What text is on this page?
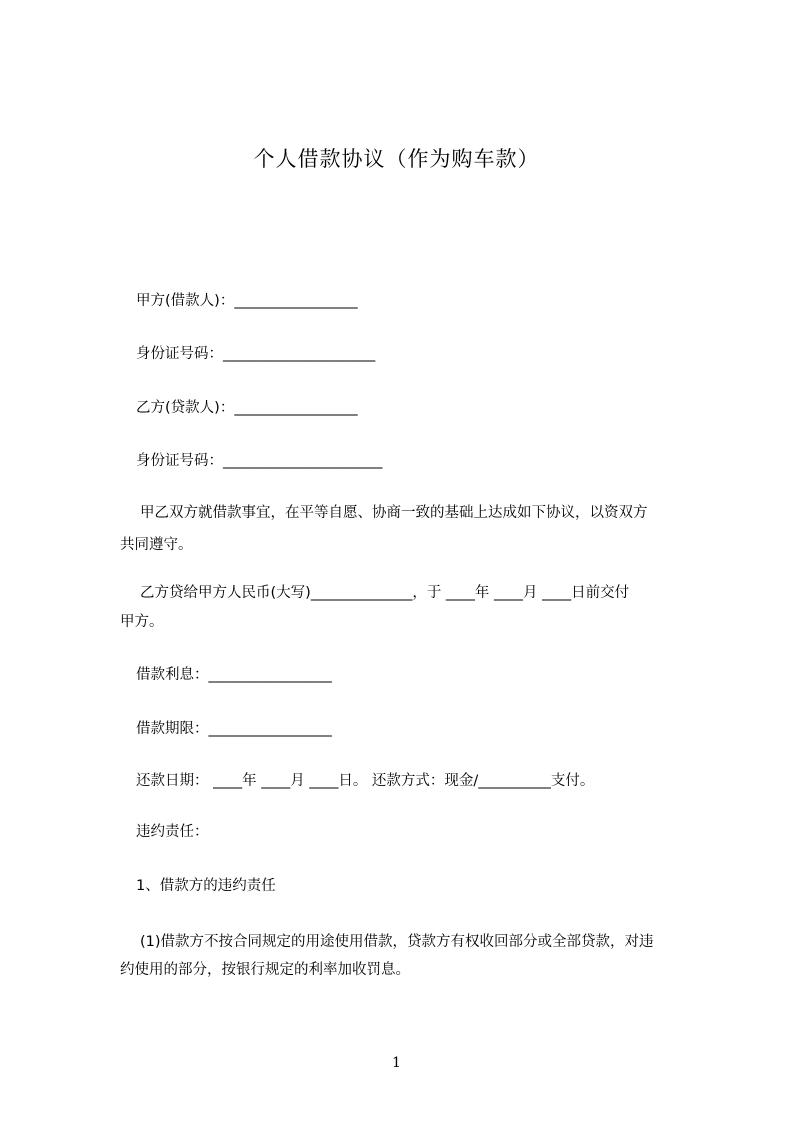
个人借款协议（作为购车款）
甲方(借款人)：_________________
身份证号码：_____________________
乙方(贷款人)：_________________
身份证号码：______________________
甲乙双方就借款事宜，在平等自愿、协商一致的基础上达成如下协议，以资双方
共同遵守。
乙方贷给甲方人民币(大写)______________，于 ____年 ____月 ____日前交付
甲方。
借款利息：_________________
借款期限：_________________
还款日期： ____年 ____月 ____日。 还款方式：现金/__________支付。
违约责任：
1、借款方的违约责任
(1)借款方不按合同规定的用途使用借款，贷款方有权收回部分或全部贷款，对违
约使用的部分，按银行规定的利率加收罚息。
1
